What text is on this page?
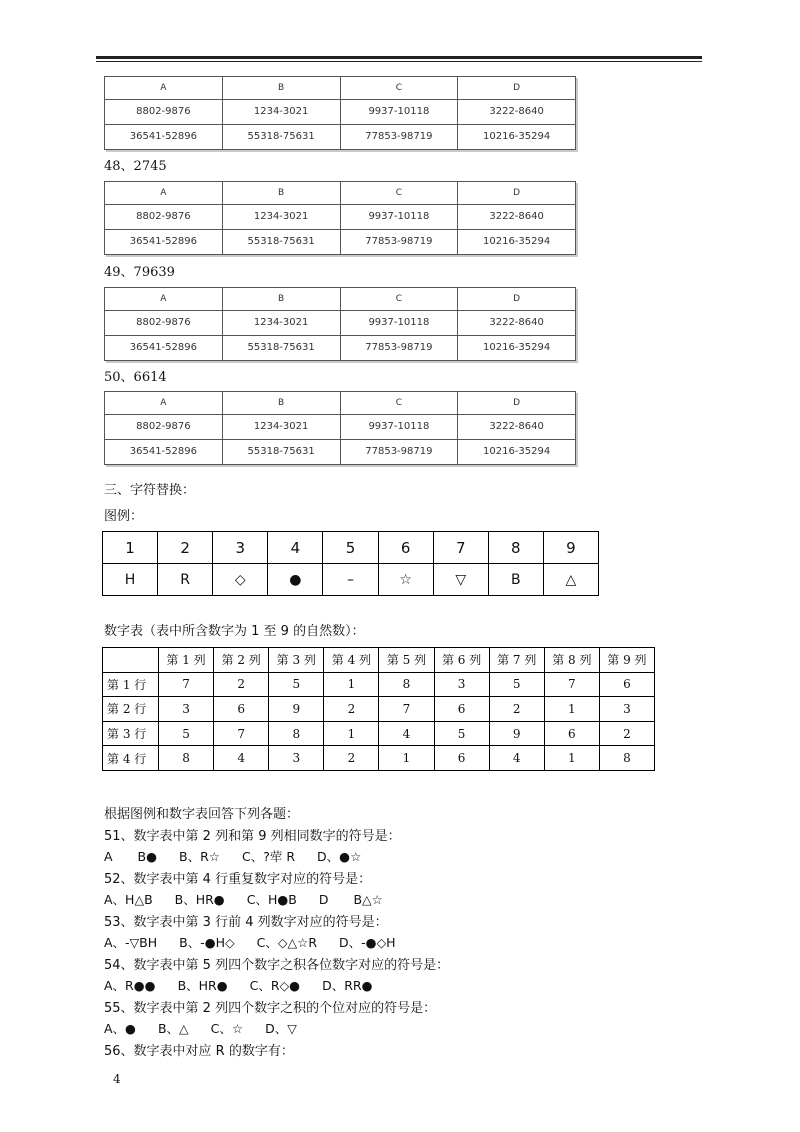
A	B	C	D
8802-9876	1234-3021	9937-10118	3222-8640
36541-52896	55318-75631	77853-98719	10216-35294
48、2745
A	B	C	D
8802-9876	1234-3021	9937-10118	3222-8640
36541-52896	55318-75631	77853-98719	10216-35294
49、79639
A	B	C	D
8802-9876	1234-3021	9937-10118	3222-8640
36541-52896	55318-75631	77853-98719	10216-35294
50、6614
A	B	C	D
8802-9876	1234-3021	9937-10118	3222-8640
36541-52896	55318-75631	77853-98719	10216-35294
三、字符替换：
图例：
1	2	3	4	5	6	7	8	9
H	R	◇	●	–	☆	▽	B	△
数字表（表中所含数字为 1 至 9 的自然数）：
	第 1 列	第 2 列	第 3 列	第 4 列	第 5 列	第 6 列	第 7 列	第 8 列	第 9 列
第 1 行	7	2	5	1	8	3	5	7	6
第 2 行	3	6	9	2	7	6	2	1	3
第 3 行	5	7	8	1	4	5	9	6	2
第 4 行	8	4	3	2	1	6	4	1	8
根据图例和数字表回答下列各题：
51、数字表中第 2 列和第 9 列相同数字的符号是：
A　　B● B、R☆ C、?荦 R D、●☆
52、数字表中第 4 行重复数字对应的符号是：
A、H△B B、HR● C、H●B D　　B△☆
53、数字表中第 3 行前 4 列数字对应的符号是：
A、-▽BH B、-●H◇ C、◇△☆R D、-●◇H
54、数字表中第 5 列四个数字之积各位数字对应的符号是：
A、R●● B、HR● C、R◇● D、RR●
55、数字表中第 2 列四个数字之积的个位对应的符号是：
A、● B、△ C、☆ D、▽
56、数字表中对应 R 的数字有：
4
